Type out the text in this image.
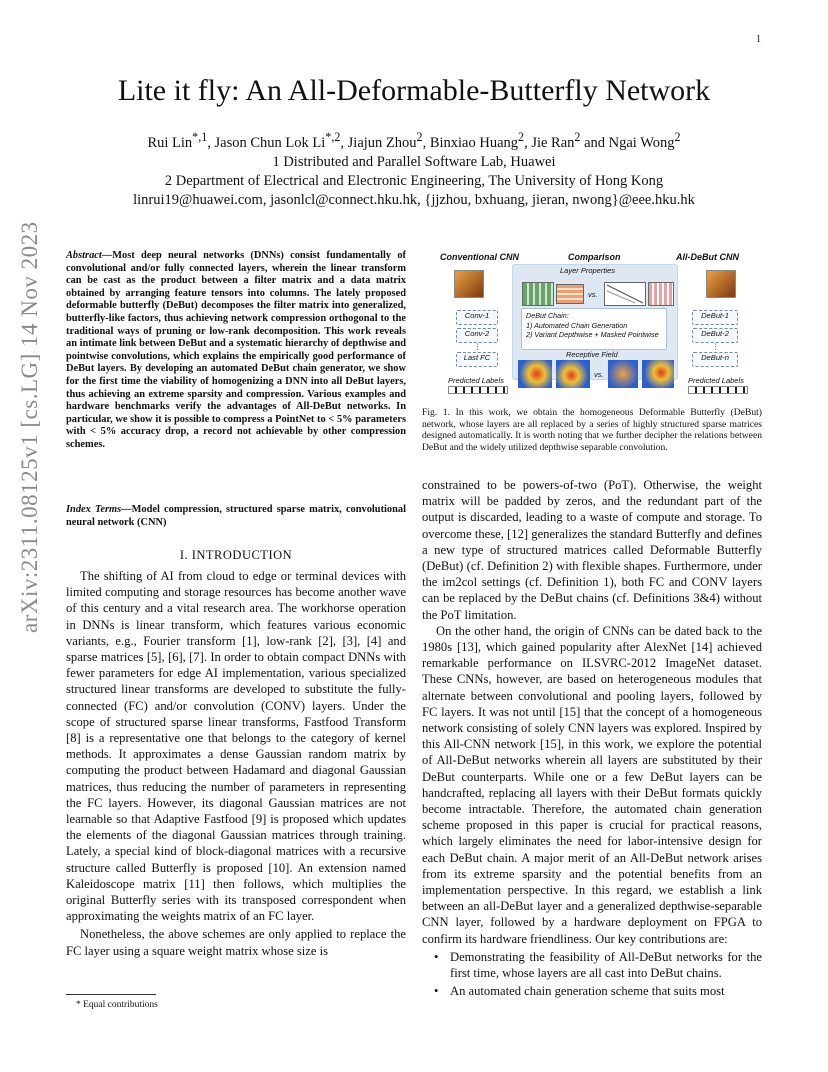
1
arXiv:2311.08125v1 [cs.LG] 14 Nov 2023
Lite it fly: An All-Deformable-Butterfly Network
Rui Lin$^{*,1}$, Jason Chun Lok $Li^{*,2}$, Jiajun Zhou$^2$, Binxiao Huang$^2$, Jie Ran$^2$ and Ngai Wong$^2$
1 Distributed and Parallel Software Lab, Huawei
2 Department of Electrical and Electronic Engineering, The University of Hong Kong
linrui19@huawei.com, jasonlcl@connect.hku.hk, {jjzhou, bxhuang, jieran, nwong}@eee.hku.hk
Abstract—Most deep neural networks (DNNs) consist fundamentally of convolutional and/or fully connected layers, wherein the linear transform can be cast as the product between a filter matrix and a data matrix obtained by arranging feature tensors into columns. The lately proposed deformable butterfly (DeBut) decomposes the filter matrix into generalized, butterfly-like factors, thus achieving network compression orthogonal to the traditional ways of pruning or low-rank decomposition. This work reveals an intimate link between DeBut and a systematic hierarchy of depthwise and pointwise convolutions, which explains the empirically good performance of DeBut layers. By developing an automated DeBut chain generator, we show for the first time the viability of homogenizing a DNN into all DeBut layers, thus achieving an extreme sparsity and compression. Various examples and hardware benchmarks verify the advantages of All-DeBut networks. In particular, we show it is possible to compress a PointNet to < 5% parameters with < 5% accuracy drop, a record not achievable by other compression schemes.
Index Terms—Model compression, structured sparse matrix, convolutional neural network (CNN)
I. INTRODUCTION

The shifting of AI from cloud to edge or terminal devices with limited computing and storage resources has become another wave of this century and a vital research area. The workhorse operation in DNNs is linear transform, which features various economic variants, e.g., Fourier transform [1], low-rank [2], [3], [4] and sparse matrices [5], [6], [7]. In order to obtain compact DNNs with fewer parameters for edge AI implementation, various specialized structured linear transforms are developed to substitute the fully-connected (FC) and/or convolution (CONV) layers. Under the scope of structured sparse linear transforms, Fastfood Transform [8] is a representative one that belongs to the category of kernel methods. It approximates a dense Gaussian random matrix by computing the product between Hadamard and diagonal Gaussian matrices, thus reducing the number of parameters in representing the FC layers. However, its diagonal Gaussian matrices are not learnable so that Adaptive Fastfood [9] is proposed which updates the elements of the diagonal Gaussian matrices through training. Lately, a special kind of block-diagonal matrices with a recursive structure called Butterfly is proposed [10]. An extension named Kaleidoscope matrix [11] then follows, which multiplies the original Butterfly series with its transposed correspondent when approximating the weights matrix of an FC layer.

Nonetheless, the above schemes are only applied to replace the FC layer using a square weight matrix whose size is

* Equal contributions
Conventional CNN	Comparison	All-DeBut CNN
Layer Properties
vs.
Conv-1
Conv-2
⋮
Last FC
DeBut-1
DeBut-2
⋮
DeBut-n
DeBut Chain:
1) Automated Chain Generation
2) Variant Depthwise + Masked Pointwise
Receptive Field
vs.
Predicted Labels	Predicted Labels
Fig. 1. In this work, we obtain the homogeneous Deformable Butterfly (DeBut) network, whose layers are all replaced by a series of highly structured sparse matrices designed automatically. It is worth noting that we further decipher the relations between DeBut and the widely utilized depthwise separable convolution.

constrained to be powers-of-two (PoT). Otherwise, the weight matrix will be padded by zeros, and the redundant part of the output is discarded, leading to a waste of compute and storage. To overcome these, [12] generalizes the standard Butterfly and defines a new type of structured matrices called Deformable Butterfly (DeBut) (cf. Definition 2) with flexible shapes. Furthermore, under the im2col settings (cf. Definition 1), both FC and CONV layers can be replaced by the DeBut chains (cf. Definitions 3&4) without the PoT limitation.

On the other hand, the origin of CNNs can be dated back to the 1980s [13], which gained popularity after AlexNet [14] achieved remarkable performance on ILSVRC-2012 ImageNet dataset. These CNNs, however, are based on heterogeneous modules that alternate between convolutional and pooling layers, followed by FC layers. It was not until [15] that the concept of a homogeneous network consisting of solely CNN layers was explored. Inspired by this All-CNN network [15], in this work, we explore the potential of All-DeBut networks wherein all layers are substituted by their DeBut counterparts. While one or a few DeBut layers can be handcrafted, replacing all layers with their DeBut formats quickly become intractable. Therefore, the automated chain generation scheme proposed in this paper is crucial for practical reasons, which largely eliminates the need for labor-intensive design for each DeBut chain. A major merit of an All-DeBut network arises from its extreme sparsity and the potential benefits from an implementation perspective. In this regard, we establish a link between an all-DeBut layer and a generalized depthwise-separable CNN layer, followed by a hardware deployment on FPGA to confirm its hardware friendliness. Our key contributions are:

• Demonstrating the feasibility of All-DeBut networks for the first time, whose layers are all cast into DeBut chains.

• An automated chain generation scheme that suits most
